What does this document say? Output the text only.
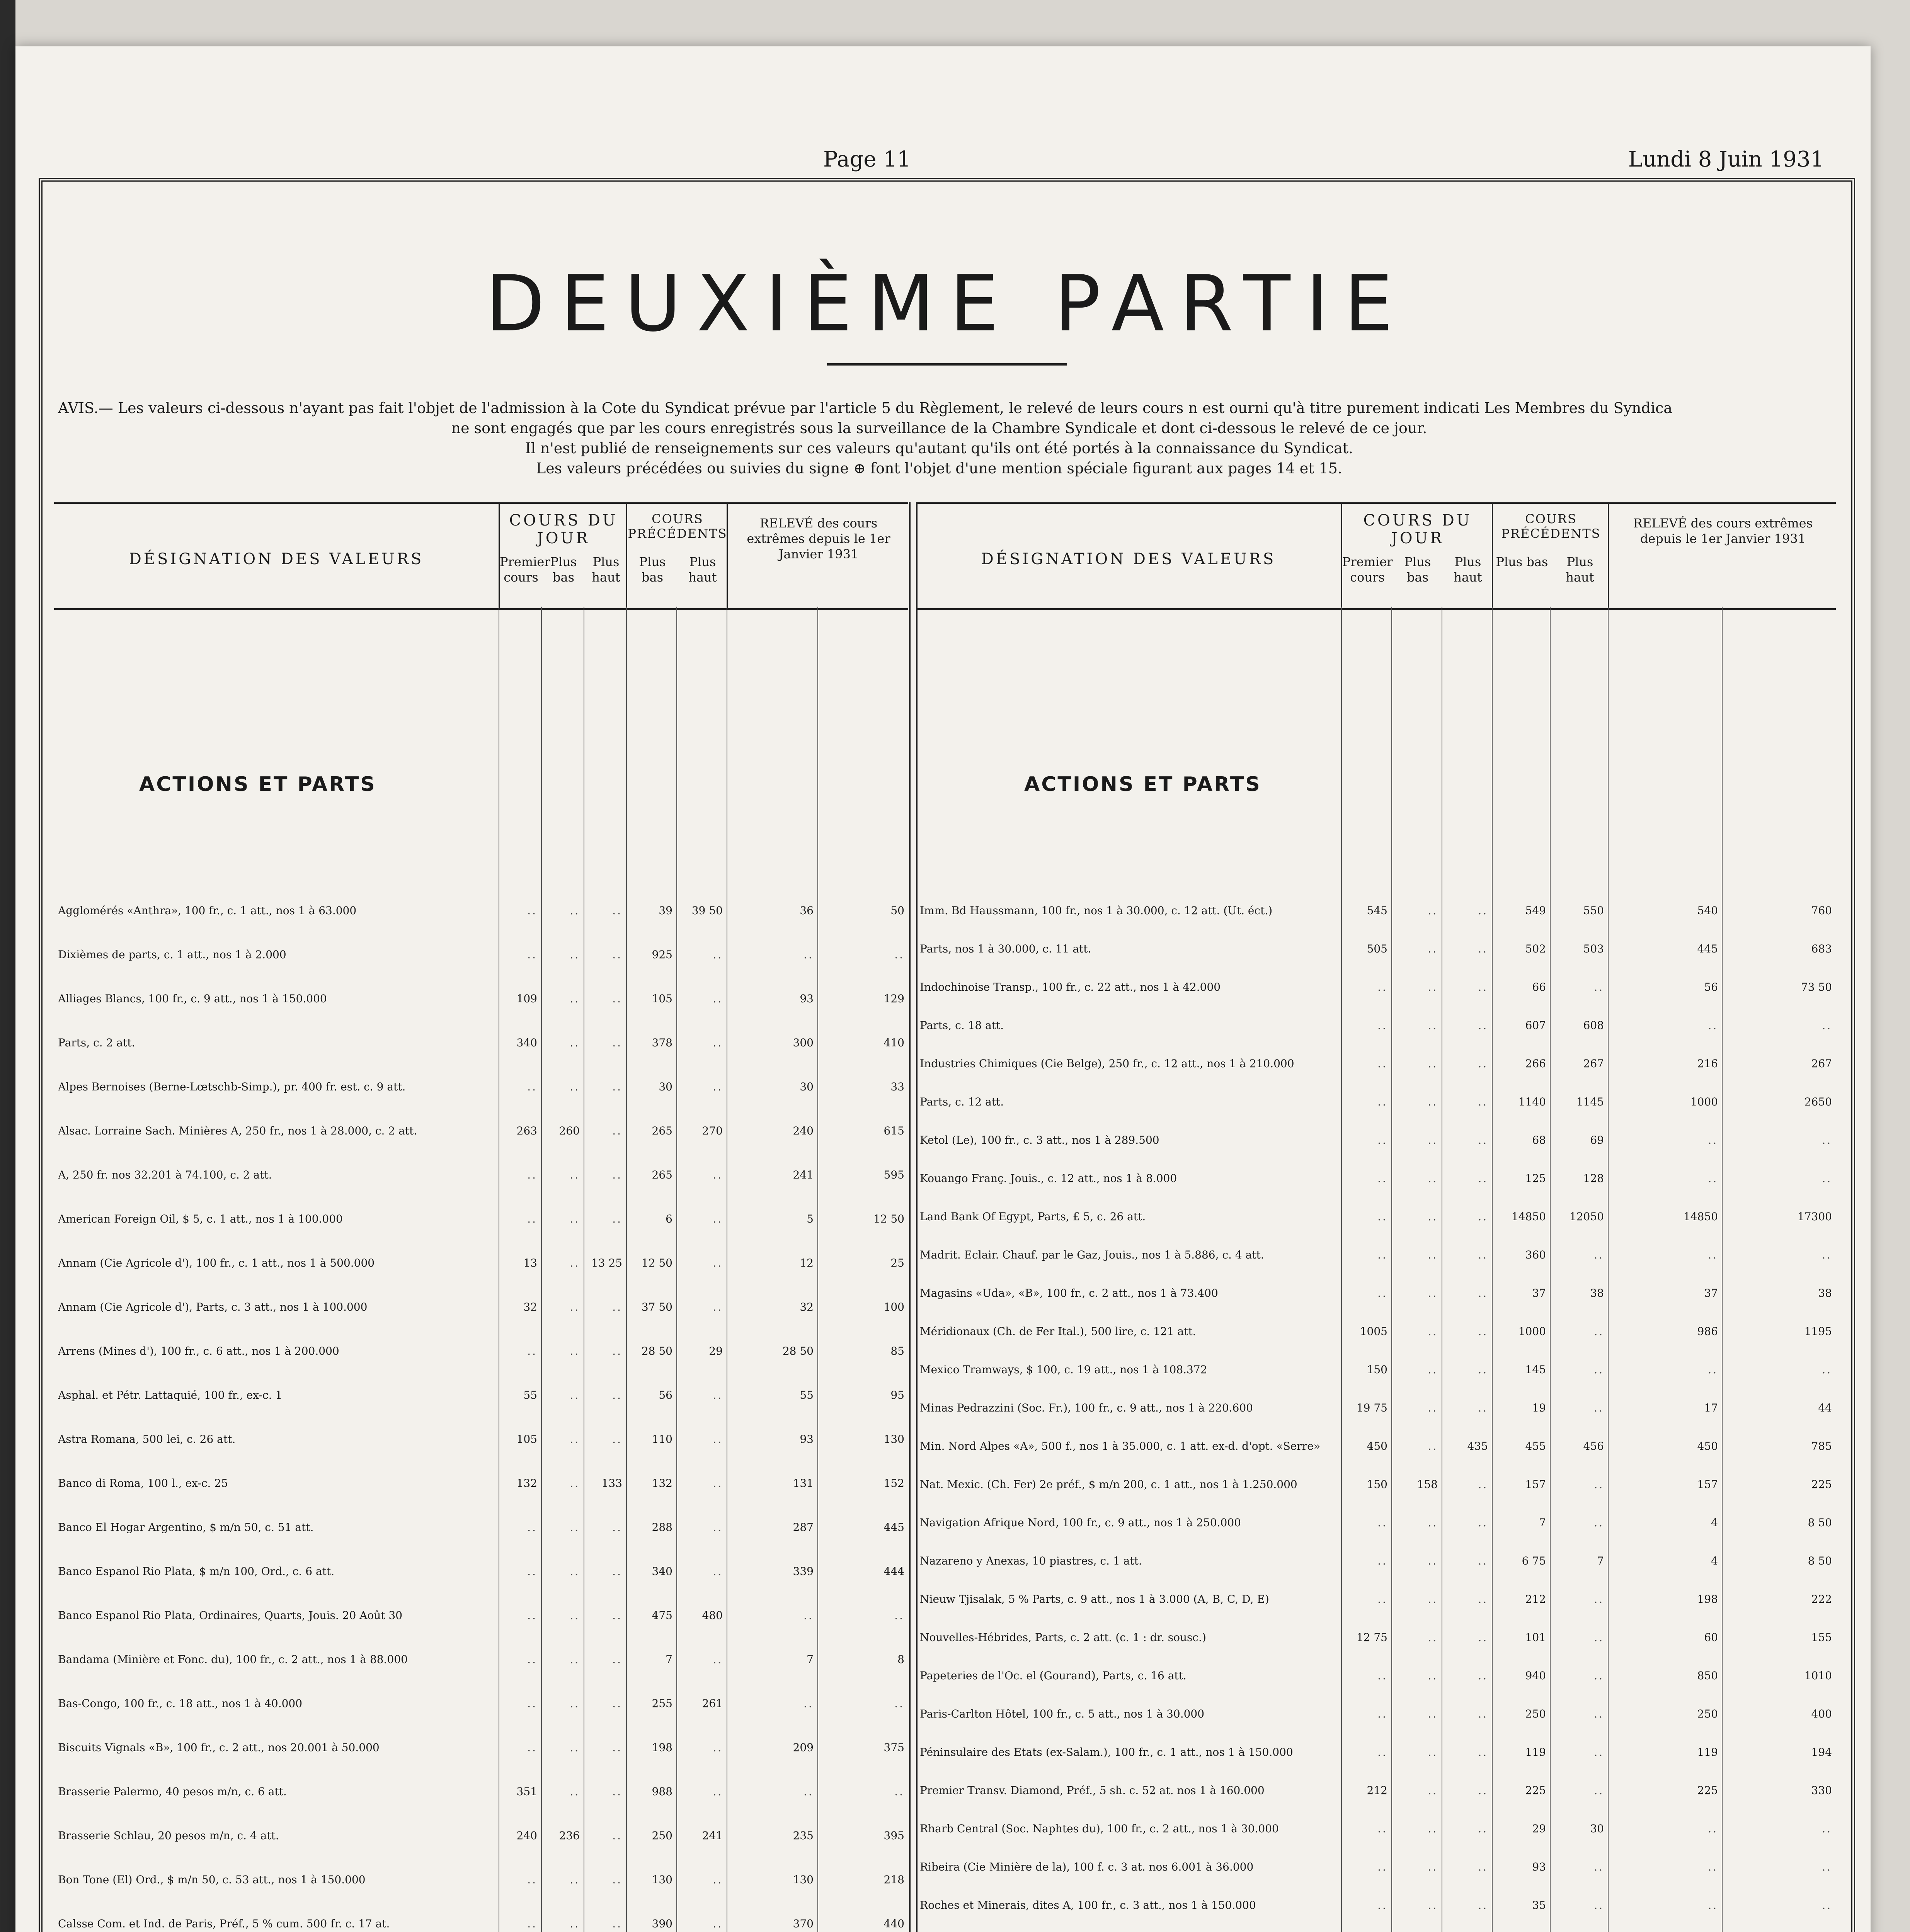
Page 11	Lundi 8 Juin 1931
DEUXIÈME PARTIE

AVIS.— Les valeurs ci-dessous n'ayant pas fait l'objet de l'admission à la Cote du Syndicat prévue par l'article 5 du Règlement, le relevé de leurs cours n est ourni qu'à titre purement indicati Les Membres du Syndica

ne sont engagés que par les cours enregistrés sous la surveillance de la Chambre Syndicale et dont ci-dessous le relevé de ce jour.

Il n'est publié de renseignements sur ces valeurs qu'autant qu'ils ont été portés à la connaissance du Syndicat.

Les valeurs précédées ou suivies du signe ⊕ font l'objet d'une mention spéciale figurant aux pages 14 et 15.

DÉSIGNATION DES VALEURS
COURS DU JOUR
Premier cours
Plus bas
Plus haut
COURS PRÉCÉDENTS
Plus bas
Plus haut
RELEVÉ des cours extrêmes depuis le 1er Janvier 1931
ACTIONS ET PARTS
Agglomérés «Anthra», 100 fr., c. 1 att., nos 1 à 63.000	..	..	..	39	39 50	36	50
Dixièmes de parts, c. 1 att., nos 1 à 2.000	..	..	..	925	..	..	..
Alliages Blancs, 100 fr., c. 9 att., nos 1 à 150.000	109	..	..	105	..	93	129
Parts, c. 2 att.	340	..	..	378	..	300	410
Alpes Bernoises (Berne-Lœtschb-Simp.), pr. 400 fr. est. c. 9 att.	..	..	..	30	..	30	33
Alsac. Lorraine Sach. Minières A, 250 fr., nos 1 à 28.000, c. 2 att.	263	260	..	265	270	240	615
A, 250 fr. nos 32.201 à 74.100, c. 2 att.	..	..	..	265	..	241	595
American Foreign Oil, $ 5, c. 1 att., nos 1 à 100.000	..	..	..	6	..	5	12 50
Annam (Cie Agricole d'), 100 fr., c. 1 att., nos 1 à 500.000	13	..	13 25	12 50	..	12	25
Annam (Cie Agricole d'), Parts, c. 3 att., nos 1 à 100.000	32	..	..	37 50	..	32	100
Arrens (Mines d'), 100 fr., c. 6 att., nos 1 à 200.000	..	..	..	28 50	29	28 50	85
Asphal. et Pétr. Lattaquié, 100 fr., ex-c. 1	55	..	..	56	..	55	95
Astra Romana, 500 lei, c. 26 att.	105	..	..	110	..	93	130
Banco di Roma, 100 l., ex-c. 25	132	..	133	132	..	131	152
Banco El Hogar Argentino, $ m/n 50, c. 51 att.	..	..	..	288	..	287	445
Banco Espanol Rio Plata, $ m/n 100, Ord., c. 6 att.	..	..	..	340	..	339	444
Banco Espanol Rio Plata, Ordinaires, Quarts, Jouis. 20 Août 30	..	..	..	475	480	..	..
Bandama (Minière et Fonc. du), 100 fr., c. 2 att., nos 1 à 88.000	..	..	..	7	..	7	8
Bas-Congo, 100 fr., c. 18 att., nos 1 à 40.000	..	..	..	255	261	..	..
Biscuits Vignals «B», 100 fr., c. 2 att., nos 20.001 à 50.000	..	..	..	198	..	209	375
Brasserie Palermo, 40 pesos m/n, c. 6 att.	351	..	..	988	..	..	..
Brasserie Schlau, 20 pesos m/n, c. 4 att.	240	236	..	250	241	235	395
Bon Tone (El) Ord., $ m/n 50, c. 53 att., nos 1 à 150.000	..	..	..	130	..	130	218
Calsse Com. et Ind. de Paris, Préf., 5 % cum. 500 fr. c. 17 at.	..	..	..	390	..	370	440
DÉSIGNATION DES VALEURS
COURS DU JOUR
Premier cours
Plus bas
Plus haut
COURS PRÉCÉDENTS
Plus bas	Plus haut
RELEVÉ des cours extrêmes depuis le 1er Janvier 1931
ACTIONS ET PARTS
Imm. Bd Haussmann, 100 fr., nos 1 à 30.000, c. 12 att. (Ut. éct.)	545	..	..	549	550	540	760
Parts, nos 1 à 30.000, c. 11 att.	505	..	..	502	503	445	683
Indochinoise Transp., 100 fr., c. 22 att., nos 1 à 42.000	..	..	..	66	..	56	73 50
Parts, c. 18 att.	..	..	..	607	608	..	..
Industries Chimiques (Cie Belge), 250 fr., c. 12 att., nos 1 à 210.000	..	..	..	266	267	216	267
Parts, c. 12 att.	..	..	..	1140	1145	1000	2650
Ketol (Le), 100 fr., c. 3 att., nos 1 à 289.500	..	..	..	68	69	..	..
Kouango Franç. Jouis., c. 12 att., nos 1 à 8.000	..	..	..	125	128	..	..
Land Bank Of Egypt, Parts, £ 5, c. 26 att.	..	..	..	14850	12050	14850	17300
Madrit. Eclair. Chauf. par le Gaz, Jouis., nos 1 à 5.886, c. 4 att.	..	..	..	360	..	..	..
Magasins «Uda», «B», 100 fr., c. 2 att., nos 1 à 73.400	..	..	..	37	38	37	38
Méridionaux (Ch. de Fer Ital.), 500 lire, c. 121 att.	1005	..	..	1000	..	986	1195
Mexico Tramways, $ 100, c. 19 att., nos 1 à 108.372	150	..	..	145	..	..	..
Minas Pedrazzini (Soc. Fr.), 100 fr., c. 9 att., nos 1 à 220.600	19 75	..	..	19	..	17	44
Min. Nord Alpes «A», 500 f., nos 1 à 35.000, c. 1 att. ex-d. d'opt. «Serre»	450	..	435	455	456	450	785
Nat. Mexic. (Ch. Fer) 2e préf., $ m/n 200, c. 1 att., nos 1 à 1.250.000	150	158	..	157	..	157	225
Navigation Afrique Nord, 100 fr., c. 9 att., nos 1 à 250.000	..	..	..	7	..	4	8 50
Nazareno y Anexas, 10 piastres, c. 1 att.	..	..	..	6 75	7	4	8 50
Nieuw Tjisalak, 5 % Parts, c. 9 att., nos 1 à 3.000 (A, B, C, D, E)	..	..	..	212	..	198	222
Nouvelles-Hébrides, Parts, c. 2 att. (c. 1 : dr. sousc.)	12 75	..	..	101	..	60	155
Papeteries de l'Oc. el (Gourand), Parts, c. 16 att.	..	..	..	940	..	850	1010
Paris-Carlton Hôtel, 100 fr., c. 5 att., nos 1 à 30.000	..	..	..	250	..	250	400
Péninsulaire des Etats (ex-Salam.), 100 fr., c. 1 att., nos 1 à 150.000	..	..	..	119	..	119	194
Premier Transv. Diamond, Préf., 5 sh. c. 52 at. nos 1 à 160.000	212	..	..	225	..	225	330
Rharb Central (Soc. Naphtes du), 100 fr., c. 2 att., nos 1 à 30.000	..	..	..	29	30	..	..
Ribeira (Cie Minière de la), 100 f. c. 3 at. nos 6.001 à 36.000	..	..	..	93	..	..	..
Roches et Minerais, dites A, 100 fr., c. 3 att., nos 1 à 150.000	..	..	..	35	..	..	..
